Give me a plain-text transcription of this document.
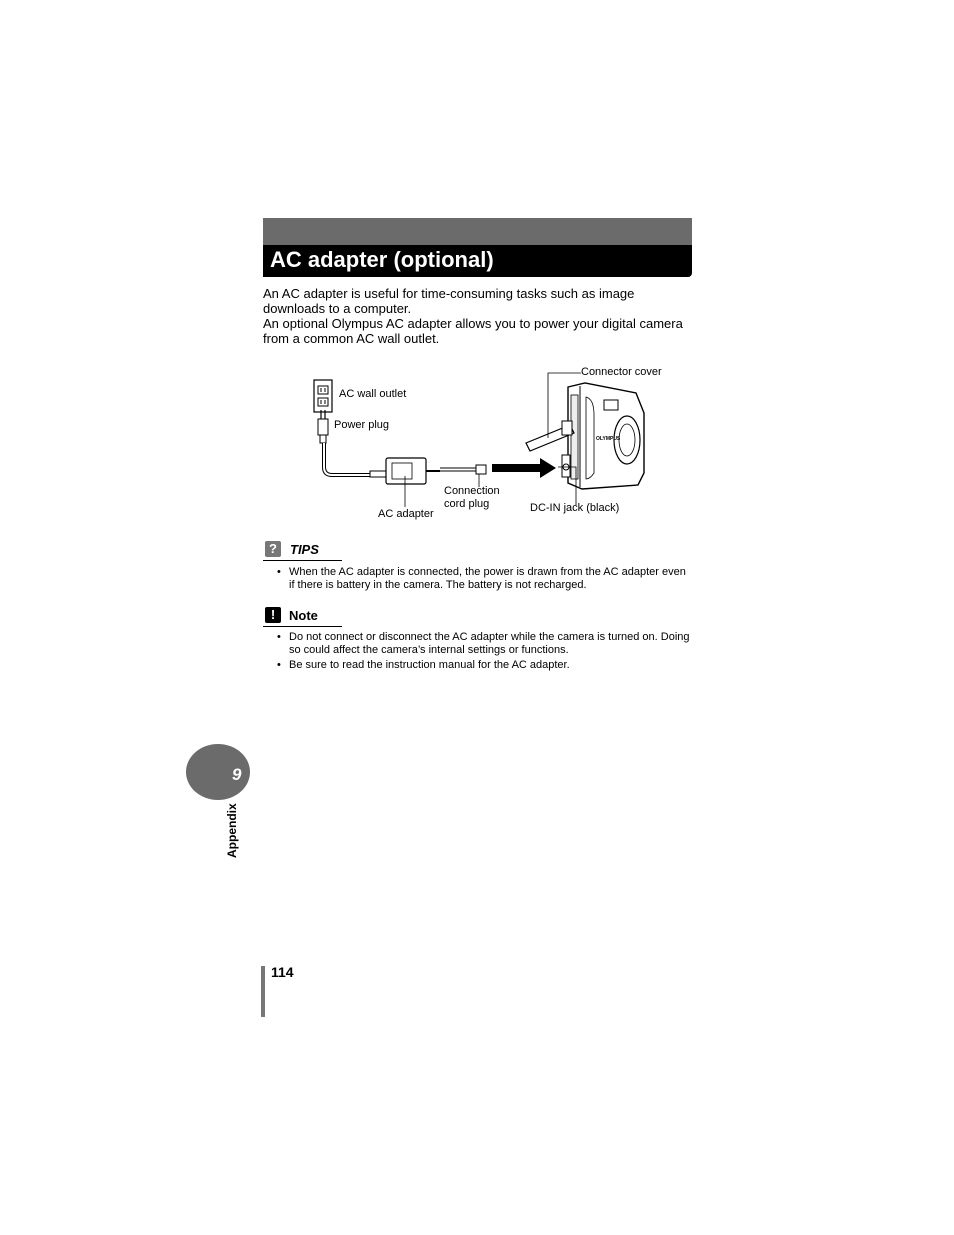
AC adapter (optional)

An AC adapter is useful for time-consuming tasks such as image downloads to a computer.

An optional Olympus AC adapter allows you to power your digital camera from a common AC wall outlet.

OLYMPUS
Connector cover
AC wall outlet
Power plug
Connection
cord plug
AC adapter	DC-IN jack (black)
?	TIPS
• When the AC adapter is connected, the power is drawn from the AC adapter even if there is battery in the camera. The battery is not recharged.
!	Note
• Do not connect or disconnect the AC adapter while the camera is turned on. Doing so could affect the camera’s internal settings or functions.
• Be sure to read the instruction manual for the AC adapter.
9
Appendix
114
